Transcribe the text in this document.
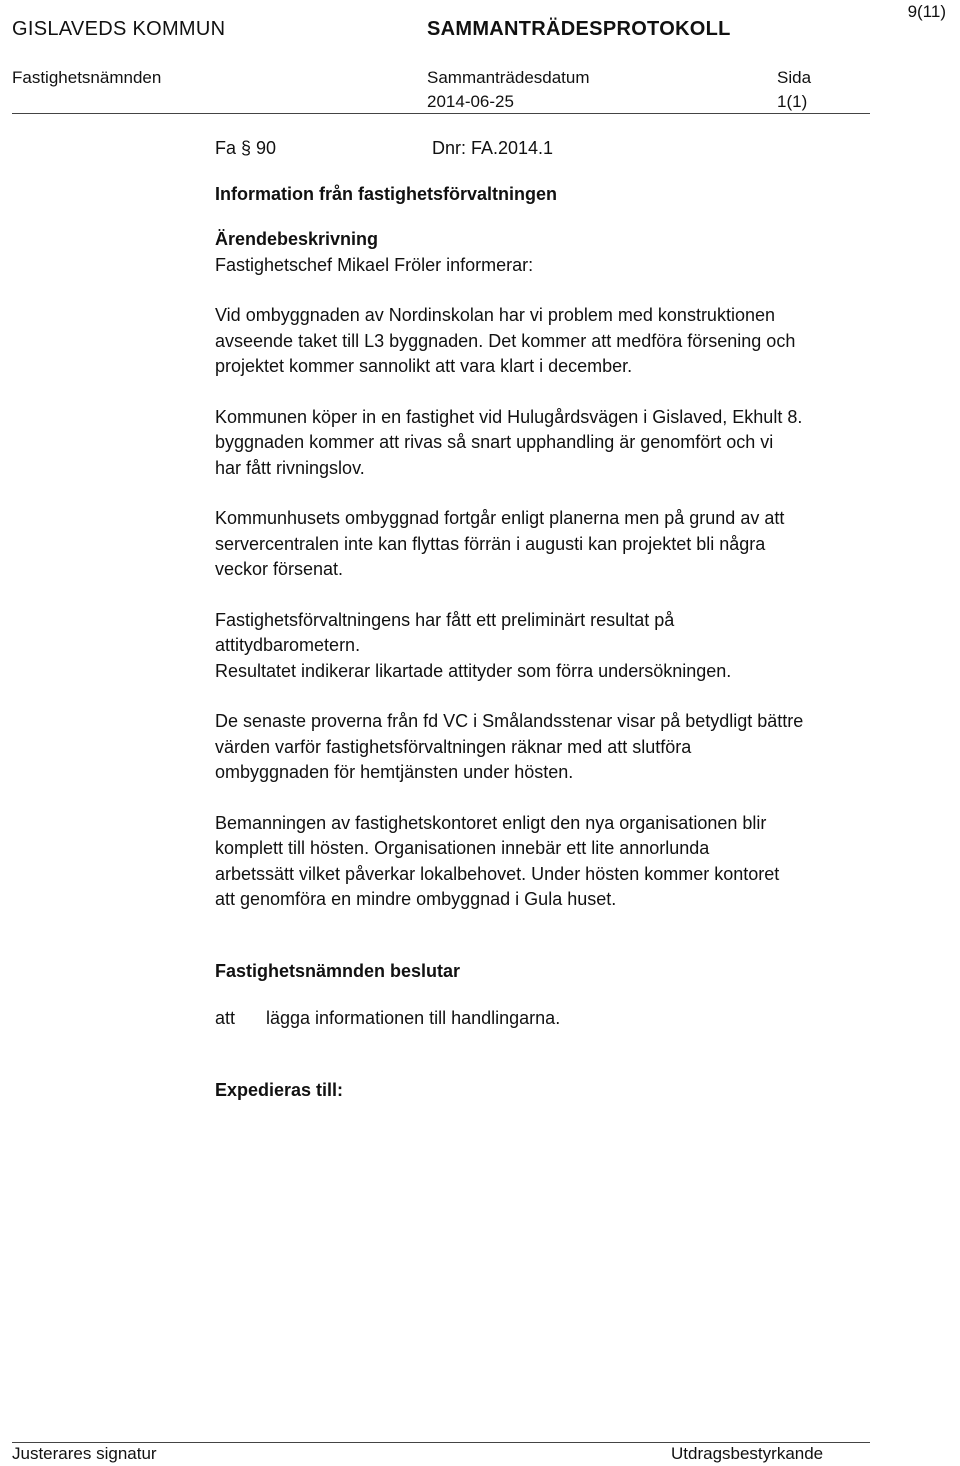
9(11)
GISLAVEDS KOMMUN	SAMMANTRÄDESPROTOKOLL
Fastighetsnämnden	Sammanträdesdatum	Sida
2014-06-25	1(1)
Fa § 90	Dnr: FA.2014.1
Information från fastighetsförvaltningen
Ärendebeskrivning
Fastighetschef Mikael Fröler informerar:
Vid ombyggnaden av Nordinskolan har vi problem med konstruktionen
avseende taket till L3 byggnaden. Det kommer att medföra försening och
projektet kommer sannolikt att vara klart i december.
Kommunen köper in en fastighet vid Hulugårdsvägen i Gislaved, Ekhult 8.
byggnaden kommer att rivas så snart upphandling är genomfört och vi
har fått rivningslov.
Kommunhusets ombyggnad fortgår enligt planerna men på grund av att
servercentralen inte kan flyttas förrän i augusti kan projektet bli några
veckor försenat.
Fastighetsförvaltningens har fått ett preliminärt resultat på
attitydbarometern.
Resultatet indikerar likartade attityder som förra undersökningen.
De senaste proverna från fd VC i Smålandsstenar visar på betydligt bättre
värden varför fastighetsförvaltningen räknar med att slutföra
ombyggnaden för hemtjänsten under hösten.
Bemanningen av fastighetskontoret enligt den nya organisationen blir
komplett till hösten. Organisationen innebär ett lite annorlunda
arbetssätt vilket påverkar lokalbehovet. Under hösten kommer kontoret
att genomföra en mindre ombyggnad i Gula huset.
Fastighetsnämnden beslutar
att	lägga informationen till handlingarna.
Expedieras till:
Justerares signatur	Utdragsbestyrkande
